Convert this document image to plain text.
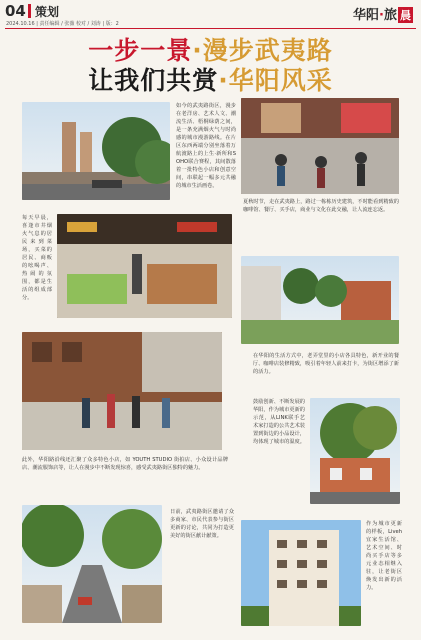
04 策划
2024.10.16 | 责任编辑 / 张薇 校对 / 刘涛 | 版：2
华阳·旅 晨
一步一景·漫步武夷路
让我们共赏·华阳风采
如今的武夷路街区，漫步在老洋房、艺术人文、潮流生活、梧桐绿荫之间，是一条充满烟火气与时尚感的城市漫游路线。在片区东西两端分别坐落着万航渡路上的上生·新所和SOHO联合赛程，其间散落着一批特色小店和创意空间，串联起一幅多元共融的城市生活画卷。
夏秋时节，走在武夷路上，路过一栋栋历史建筑，不时能看到精致的咖啡馆、餐厅、买手店，商业与文化在此交融，让人流连忘返。
每天早晨，喜逢市井烟火气息的居民来到菜场，买菜的居民、商贩的吆喝声、热闹的氛围，都是生活的组成部分。
在华阳的生活方式中，老弄堂里的小店各具特色，新开业的餐厅、咖啡店装修精致，吸引着年轻人前来打卡，为街区增添了新的活力。
鼓励创新、不断发展的华阳，作为城市更新的示范，从LINK联手艺术家打造的公共艺术装置到街边的小品设计，均体现了城市的温度。
此外，华阳路沿线还汇聚了众多特色小店，如 YOUTH STUDIO 街拍店、小众设计品牌店、潮流服饰店等，让人在漫步中不断发现惊喜，感受武夷路街区独特的魅力。
日前，武夷路街区邀请了众多商家、市民代表参与街区更新的讨论，共同为打造更美好的街区献计献策。
作为城市更新的样板，Liveh宜家生活馆、艺术空间、时尚买手店等多元业态相继入驻，让老街区焕发出新的活力。
